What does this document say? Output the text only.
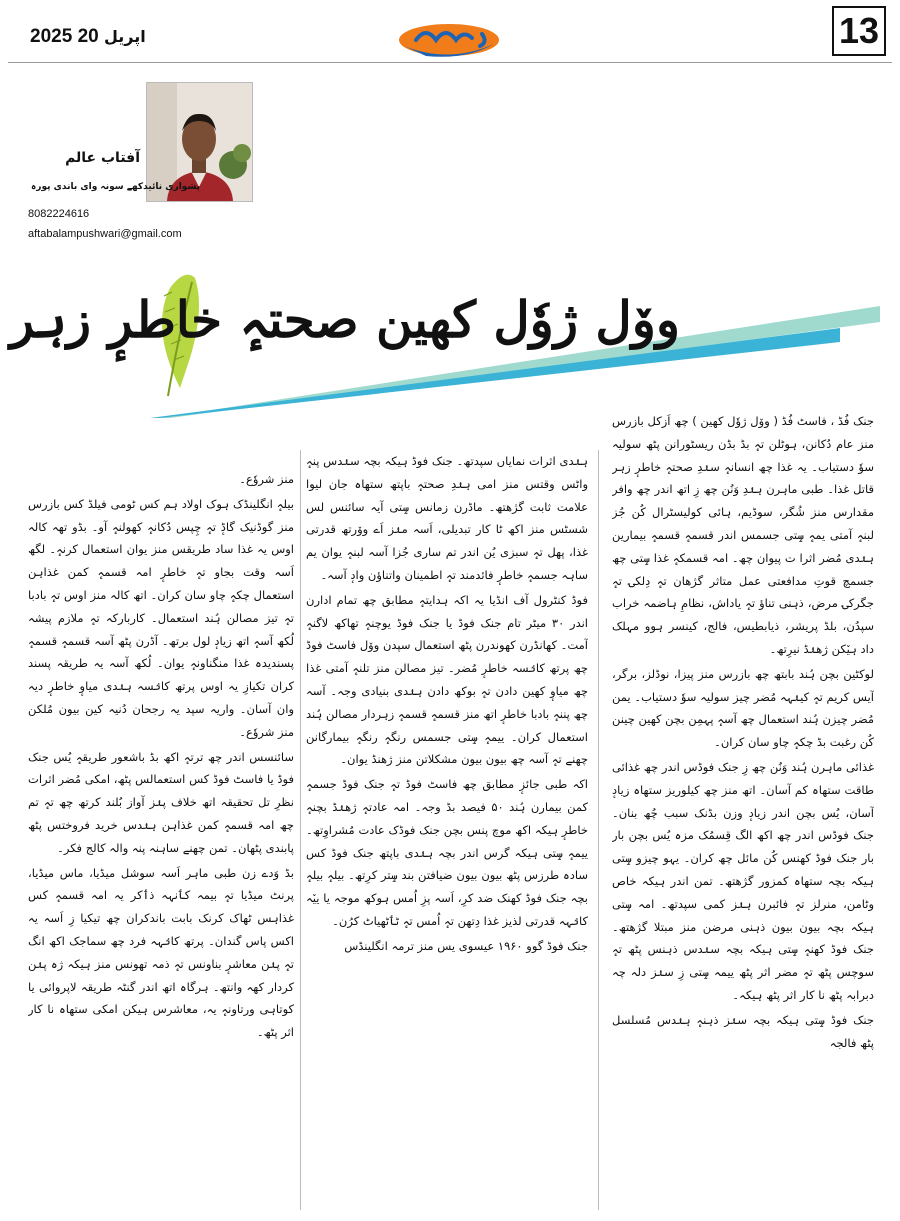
2025 اپریل 20	13
آفتاب عالم
پشواری نائیدکھے سونہ وای باندی پورہ
8082224616
aftabalampushwari@gmail.com
ووٚل ژوٗل کھین صحتہٕ خاطرٕ زہر

جنک فُڈ ، فاسٹ فُڈ ( ووٚل ژوٗل کھین ) چھ اَزکل بازرس منز عام دُکانن، ہوٹلن تہٕ بڈ بڈن ریسٹورانن پٹھ سولیہ سوٗ دستیاب۔ یہ غذا چھ انسانہٕ سنٛدِ صحتہٕ خاطرٕ زہر قاتل غذا۔ طبی ماہرن ہنٛدِ وَنُن چھ زِ اتھ اندر چھ وافر مقدارس منز شُگر، سوڈیم، ہائی کولیسٹرال کُن جُز لبنہٕ آمتی یمہٕ سٟتی جسمس اندر قسمہٕ قسمہٕ بیمارین ہنٛدی مُضر اثرا ت پیوان چھ۔ امہ قسمکہٕ غذا سٟتی چھ جسمچ قوتِ مدافعتی عمل متاثر گژھان تہٕ دِلکۍ تہٕ جگرکۍ مرض، ذہنی تناؤ تہٕ یاداش، نظامِ ہاضمہ خراب سپدُن، بلڈ پریشر، ذیابطیس، فالج، کینسر ہوو مہلک داد ہیٚکن ژھنٛڈ نیرِتھ۔

لوکٹین بچن ہُند بابتھ چھ بازرس منز پیزا، نوڈلز، برگر، آیس کریم تہٕ کینٛہہ مُضر چیز سولیہ سوٗ دستیاب۔ یمن مُضر چیزن ہُند استعمال چھ آسہٕ پہمِن بچن کھین چینن کُن رغبت بڈ چکہٕ چاو سان کران۔

غذائی ماہرن ہُند وَنُن چھ زِ جنک فوڈس اندر چھ غذائی طاقت ستھاہ کم آسان۔ اتھ منز چھ کیلوریز ستھاہ زیادٕ آسان، یُس بچن اندر زیادٕ وزن بڈنک سبب چُھ بنان۔ جنک فوڈس اندر چھ اکھ الگ قِسمُک مزہ یُس بچن بار بار جنک فوڈ کھنس کُن مائل چھ کران۔ یہو چیزو سٟتی ہیکہ بچہ ستھاہ کمزور گژھتھ۔ تمن اندر ہیکہ خاص وٹامن، منرلز تہٕ فائبرن ہنٛز کمی سپدتھ۔ امہ سٟتی ہیکہ بچہ بیون بیون ذہنی مرضن منز مبتلا گژھتھ۔ جنک فوڈ کھنہٕ سٟتی ہیکہ بچہ سنٛدس ذہنس پٹھ تہٕ سوچس پٹھ تہٕ مضر اثر پٹھ ییمہ سٟتی زِ سنٛز دلہ چہ دبرابہ پٹھ نا کار اثر پٹھ ہیکہ۔

جنک فوڈ سٟتی ہیکہ بچہ سنٛز ذہنہٕ ہنٛدس مُسلسل پٹھ فالجہ

ہنٛدی اثرات نمایاں سپدتھ۔ جنک فوڈ ہیکہ بچہ سنٛدس پنہٕ واٹس وقتس منز امی ہنٛدِ صحتہٕ باپتھ ستھاہ جان لیوا علامت ثابت گژھتھ۔ ماڈرن زمانس سٟتی آیہ سائنس لس شسٹس منز اکھ ٹا کار تبدیلی، اَسہ منٛز اَے ووٚرتھ قدرتی غذا، پھل تہٕ سبزی یُن اندر تم ساری جُزا آسہ لبنہٕ یوان یم ساہہ جسمہٕ خاطرٕ فائدمند تہٕ اطمینان واتناؤن وادٕ آسہ۔

فوڈ کنٹرول آف انڈیا یہ اکہ ہدایتہٕ مطابق چھ تمام ادارن اندر ۳۰ میٹر تام جنک فوڈ یا جنک فوڈ یوچنہٕ تھاکھ لاگنہٕ آمت۔ کھانڈرن کھوندرن پٹھ استعمال سپدن ووٚل فاسٹ فوڈ چھ پرتھ کانٛسہ خاطرٕ مُضر۔ تیز مصالن منز تلنہٕ آمتی غذا چھ میاوٕ کھین دادن تہٕ بوکھ دادن ہنٛدی بنیادی وجہ۔ آسہ چھ پننہٕ بادبا خاطرٕ اتھ منز قسمہٕ قسمہٕ زہردار مصالن ہُند استعمال کران۔ ییمہٕ سٟتی جسمس رنگہٕ رنگہٕ بیمارگانن چھنے تہٕ آسہ چھ بیون بیون مشکلاتن منز ژھنڈ یوان۔

اکہ طبی جائزٕ مطابق چھ فاسٹ فوڈ تہٕ جنک فوڈ جسمہٕ کمن بیمارن ہُند ۵۰ فیصد بڈ وجہ۔ امہ عادتہٕ ژھنٛڈ بچنہٕ خاطرٕ ہیکہ اکھ موچ پنس بچن جنک فوڈک عادت مُشراوِتھ۔ ییمہٕ سٟتی ہیکہ گرس اندر بچہ ہنٛدی باپتھ جنک فوڈ کس سادہ طرزس پٹھ بیون بیون ضیافتن بند سٟتر کرِتھ۔ بیلہٕ بیلہٕ بچہ جنک فوڈ کھنک ضد کرِ، اَسہ پزِ اُمس ہوکھ موجہ یا ییٚہ کانٛہہ قدرتی لذیز غذا دِتھن تہٕ اُمس تہٕ ٹٲٹھیاٹ کرُن۔

جنک فوڈ گوو ۱۹۶۰ عیسوی یس منز ترمہ انگلینڈس

منز شروٗع۔

بیلہٕ انگلینڈک ہوک اولاد ہم کس ٹومی فیلڈ کس بازرس منز گوڈنیک گاڈٕ تہٕ چِپس دُکانہٕ کھولنہٕ آو۔ بڈو تھہ کالہ اوس یہ غذا ساد طریقس منز یوان استعمال کرنہٕ۔ لگھ اَسہ وقت بجاو تہٕ خاطرٕ امہ قسمہٕ کمن غذاہن استعمال چکہٕ چاو سان کران۔ اتھ کالہ منز اوس تہٕ بادبا تہٕ تیز مصالن ہُند استعمال۔ کاربارکہ تہٕ ملازم پیشہ لُکھ آسہٕ اتھ زیادٕ لول برتھ۔ آڈرن پٹھ آسہ قسمہٕ قسمہٕ پسندیدہ غذا منگناونہٕ یوان۔ لُکھ آسہ یہ طریقہ پسند کران تکیازِ یہ اوس پرتھ کانٛسہ ہنٛدی میاوٕ خاطرٕ دیہ وان آسان۔ واریہ سپد یہ رجحان دُنیہ کین بیون مُلکن منز شروٗع۔

سائنسس اندر چھ ترتہٕ اکھ بڈ باشعور طریقہٕ یُس جنک فوڈ یا فاسٹ فوڈ کس استعمالس پٹھ، امکی مُضر اثرات نظرِ تل تحقیقہ اتھ خلاف پنٛز آواز بُلند کرتھ چھ تہٕ تم چھ امہ قسمہٕ کمن غذاہن ہنٛدس خرید فروختس پٹھ پابندی پٹھان۔ تمن چھنے ساہنہ پنہ والہ کالج فکر۔

بڈ وَدے زن طبی ماہر اَسہ سوشل میڈیا، ماس میڈیا، پرنٹ میڈیا تہٕ بیمہ کٲنہہ ذٲکر یہ امہ قسمہٕ کس غذاہس ٹھاک کرنک بابت باندکران چھ تیکیا زِ اَسہ یہ اکس پاس گندان۔ پرتھ کانٛہہ فرد چھ سماجک اکھ انگ تہٕ پنٛن معاشرٕ بناونس تہٕ ذمہ تھونس منز ہیکہ ژہ پنٛن کردار کھہ وانتھ۔ ہرگاہ اتھ اندر گنٹہ طریقہ لاپروائی یا کوتاہی ورتاونہٕ یہ، معاشرس ہیکن امکی ستھاہ نا کار اثر پٹھ۔
